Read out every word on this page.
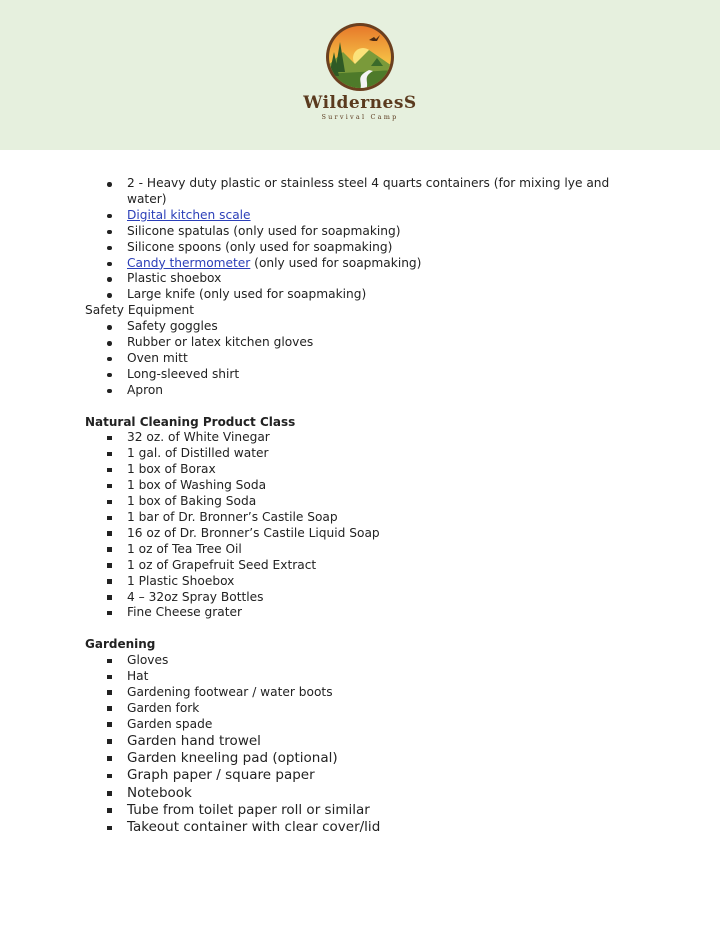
WildernesS
Survival Camp
2 - Heavy duty plastic or stainless steel 4 quarts containers (for mixing lye and water)
Digital kitchen scale
Silicone spatulas (only used for soapmaking)
Silicone spoons (only used for soapmaking)
Candy thermometer (only used for soapmaking)
Plastic shoebox
Large knife (only used for soapmaking)
Safety Equipment
Safety goggles
Rubber or latex kitchen gloves
Oven mitt
Long-sleeved shirt
Apron
Natural Cleaning Product Class
32 oz. of White Vinegar
1 gal. of Distilled water
1 box of Borax
1 box of Washing Soda
1 box of Baking Soda
1 bar of Dr. Bronner’s Castile Soap
16 oz of Dr. Bronner’s Castile Liquid Soap
1 oz of Tea Tree Oil
1 oz of Grapefruit Seed Extract
1 Plastic Shoebox
4 – 32oz Spray Bottles
Fine Cheese grater
Gardening
Gloves
Hat
Gardening footwear / water boots
Garden fork
Garden spade
Garden hand trowel
Garden kneeling pad (optional)
Graph paper / square paper
Notebook
Tube from toilet paper roll or similar
Takeout container with clear cover/lid
